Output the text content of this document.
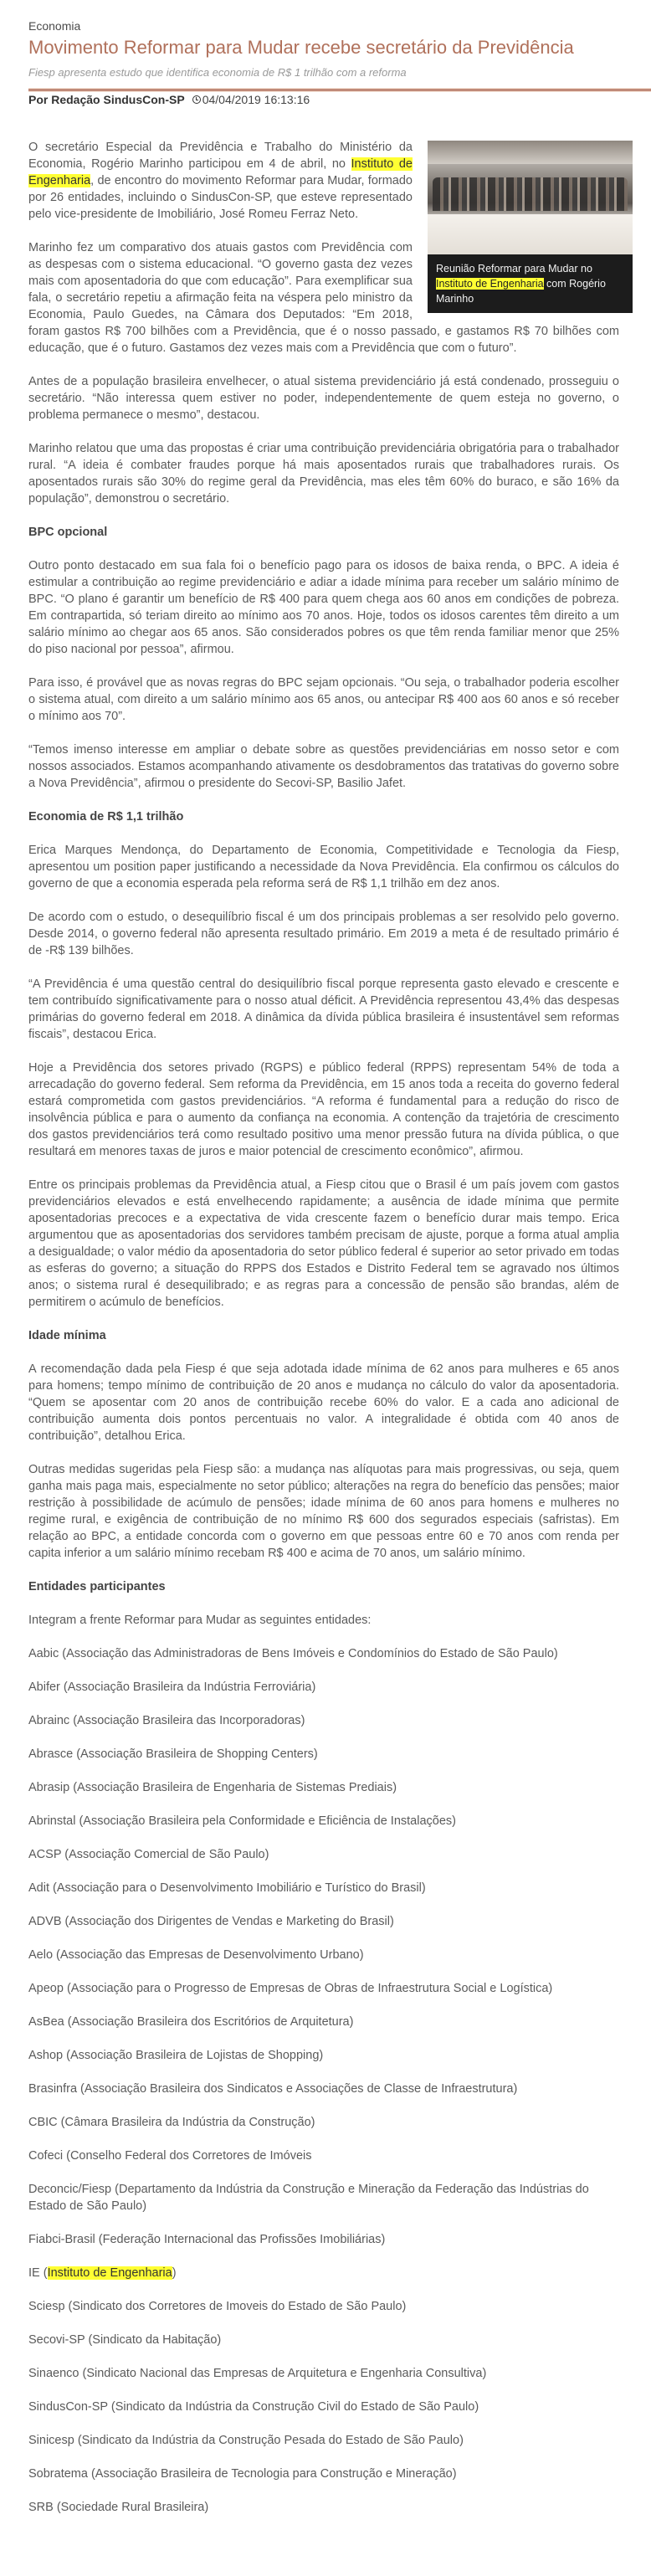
Economia

Movimento Reformar para Mudar recebe secretário da Previdência

Fiesp apresenta estudo que identifica economia de R$ 1 trilhão com a reforma

Por Redação SindusCon-SP 04/04/2019 16:13:16
Reunião Reformar para Mudar no Instituto de Engenharia com Rogério Marinho

O secretário Especial da Previdência e Trabalho do Ministério da Economia, Rogério Marinho participou em 4 de abril, no Instituto de Engenharia, de encontro do movimento Reformar para Mudar, formado por 26 entidades, incluindo o SindusCon-SP, que esteve representado pelo vice-presidente de Imobiliário, José Romeu Ferraz Neto.

Marinho fez um comparativo dos atuais gastos com Previdência com as despesas com o sistema educacional. “O governo gasta dez vezes mais com aposentadoria do que com educação”. Para exemplificar sua fala, o secretário repetiu a afirmação feita na véspera pelo ministro da Economia, Paulo Guedes, na Câmara dos Deputados: “Em 2018, foram gastos R$ 700 bilhões com a Previdência, que é o nosso passado, e gastamos R$ 70 bilhões com educação, que é o futuro. Gastamos dez vezes mais com a Previdência que com o futuro”.

Antes de a população brasileira envelhecer, o atual sistema previdenciário já está condenado, prosseguiu o secretário. “Não interessa quem estiver no poder, independentemente de quem esteja no governo, o problema permanece o mesmo”, destacou.

Marinho relatou que uma das propostas é criar uma contribuição previdenciária obrigatória para o trabalhador rural. “A ideia é combater fraudes porque há mais aposentados rurais que trabalhadores rurais. Os aposentados rurais são 30% do regime geral da Previdência, mas eles têm 60% do buraco, e são 16% da população”, demonstrou o secretário.

BPC opcional

Outro ponto destacado em sua fala foi o benefício pago para os idosos de baixa renda, o BPC. A ideia é estimular a contribuição ao regime previdenciário e adiar a idade mínima para receber um salário mínimo de BPC. “O plano é garantir um benefício de R$ 400 para quem chega aos 60 anos em condições de pobreza. Em contrapartida, só teriam direito ao mínimo aos 70 anos. Hoje, todos os idosos carentes têm direito a um salário mínimo ao chegar aos 65 anos. São considerados pobres os que têm renda familiar menor que 25% do piso nacional por pessoa”, afirmou.

Para isso, é provável que as novas regras do BPC sejam opcionais. “Ou seja, o trabalhador poderia escolher o sistema atual, com direito a um salário mínimo aos 65 anos, ou antecipar R$ 400 aos 60 anos e só receber o mínimo aos 70”.

“Temos imenso interesse em ampliar o debate sobre as questões previdenciárias em nosso setor e com nossos associados. Estamos acompanhando ativamente os desdobramentos das tratativas do governo sobre a Nova Previdência”, afirmou o presidente do Secovi-SP, Basilio Jafet.

Economia de R$ 1,1 trilhão

Erica Marques Mendonça, do Departamento de Economia, Competitividade e Tecnologia da Fiesp, apresentou um position paper justificando a necessidade da Nova Previdência. Ela confirmou os cálculos do governo de que a economia esperada pela reforma será de R$ 1,1 trilhão em dez anos.

De acordo com o estudo, o desequilíbrio fiscal é um dos principais problemas a ser resolvido pelo governo. Desde 2014, o governo federal não apresenta resultado primário. Em 2019 a meta é de resultado primário é de -R$ 139 bilhões.

“A Previdência é uma questão central do desiquilíbrio fiscal porque representa gasto elevado e crescente e tem contribuído significativamente para o nosso atual déficit. A Previdência representou 43,4% das despesas primárias do governo federal em 2018. A dinâmica da dívida pública brasileira é insustentável sem reformas fiscais”, destacou Erica.

Hoje a Previdência dos setores privado (RGPS) e público federal (RPPS) representam 54% de toda a arrecadação do governo federal. Sem reforma da Previdência, em 15 anos toda a receita do governo federal estará comprometida com gastos previdenciários. “A reforma é fundamental para a redução do risco de insolvência pública e para o aumento da confiança na economia. A contenção da trajetória de crescimento dos gastos previdenciários terá como resultado positivo uma menor pressão futura na dívida pública, o que resultará em menores taxas de juros e maior potencial de crescimento econômico”, afirmou.

Entre os principais problemas da Previdência atual, a Fiesp citou que o Brasil é um país jovem com gastos previdenciários elevados e está envelhecendo rapidamente; a ausência de idade mínima que permite aposentadorias precoces e a expectativa de vida crescente fazem o benefício durar mais tempo. Erica argumentou que as aposentadorias dos servidores também precisam de ajuste, porque a forma atual amplia a desigualdade; o valor médio da aposentadoria do setor público federal é superior ao setor privado em todas as esferas do governo; a situação do RPPS dos Estados e Distrito Federal tem se agravado nos últimos anos; o sistema rural é desequilibrado; e as regras para a concessão de pensão são brandas, além de permitirem o acúmulo de benefícios.

Idade mínima

A recomendação dada pela Fiesp é que seja adotada idade mínima de 62 anos para mulheres e 65 anos para homens; tempo mínimo de contribuição de 20 anos e mudança no cálculo do valor da aposentadoria. “Quem se aposentar com 20 anos de contribuição recebe 60% do valor. E a cada ano adicional de contribuição aumenta dois pontos percentuais no valor. A integralidade é obtida com 40 anos de contribuição”, detalhou Erica.

Outras medidas sugeridas pela Fiesp são: a mudança nas alíquotas para mais progressivas, ou seja, quem ganha mais paga mais, especialmente no setor público; alterações na regra do benefício das pensões; maior restrição à possibilidade de acúmulo de pensões; idade mínima de 60 anos para homens e mulheres no regime rural, e exigência de contribuição de no mínimo R$ 600 dos segurados especiais (safristas). Em relação ao BPC, a entidade concorda com o governo em que pessoas entre 60 e 70 anos com renda per capita inferior a um salário mínimo recebam R$ 400 e acima de 70 anos, um salário mínimo.

Entidades participantes

Integram a frente Reformar para Mudar as seguintes entidades:

Aabic (Associação das Administradoras de Bens Imóveis e Condomínios do Estado de São Paulo)
Abifer (Associação Brasileira da Indústria Ferroviária)
Abrainc (Associação Brasileira das Incorporadoras)
Abrasce (Associação Brasileira de Shopping Centers)
Abrasip (Associação Brasileira de Engenharia de Sistemas Prediais)
Abrinstal (Associação Brasileira pela Conformidade e Eficiência de Instalações)
ACSP (Associação Comercial de São Paulo)
Adit (Associação para o Desenvolvimento Imobiliário e Turístico do Brasil)
ADVB (Associação dos Dirigentes de Vendas e Marketing do Brasil)
Aelo (Associação das Empresas de Desenvolvimento Urbano)
Apeop (Associação para o Progresso de Empresas de Obras de Infraestrutura Social e Logística)
AsBea (Associação Brasileira dos Escritórios de Arquitetura)
Ashop (Associação Brasileira de Lojistas de Shopping)
Brasinfra (Associação Brasileira dos Sindicatos e Associações de Classe de Infraestrutura)
CBIC (Câmara Brasileira da Indústria da Construção)
Cofeci (Conselho Federal dos Corretores de Imóveis
Deconcic/Fiesp (Departamento da Indústria da Construção e Mineração da Federação das Indústrias do Estado de São Paulo)
Fiabci-Brasil (Federação Internacional das Profissões Imobiliárias)
IE (Instituto de Engenharia)
Sciesp (Sindicato dos Corretores de Imoveis do Estado de São Paulo)
Secovi-SP (Sindicato da Habitação)
Sinaenco (Sindicato Nacional das Empresas de Arquitetura e Engenharia Consultiva)
SindusCon-SP (Sindicato da Indústria da Construção Civil do Estado de São Paulo)
Sinicesp (Sindicato da Indústria da Construção Pesada do Estado de São Paulo)
Sobratema (Associação Brasileira de Tecnologia para Construção e Mineração)
SRB (Sociedade Rural Brasileira)
